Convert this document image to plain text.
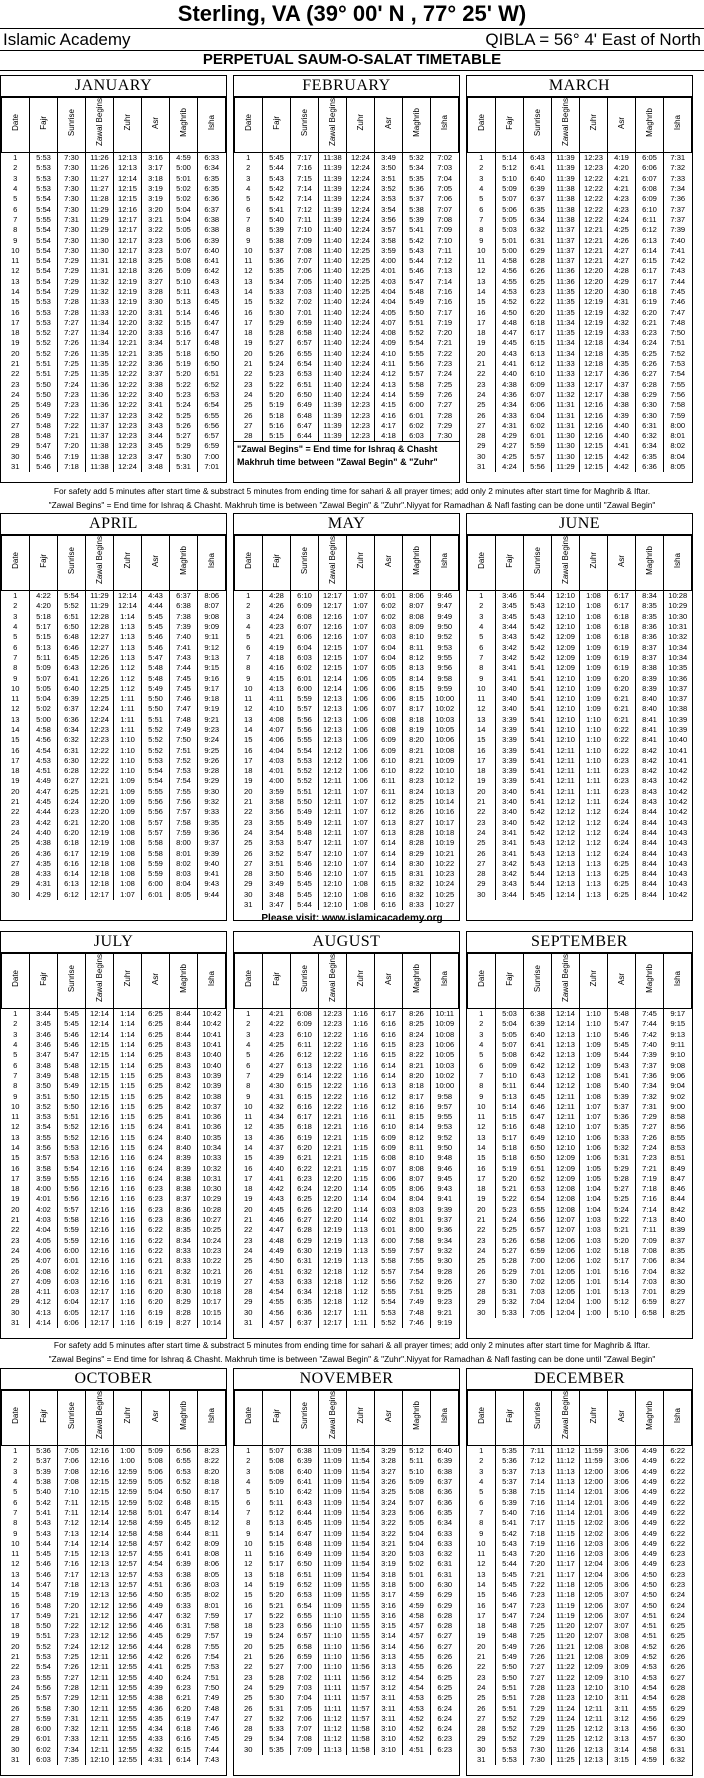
Sterling, VA (39° 00' N , 77° 25' W)
Islamic Academy	QIBLA = 56° 4' East of North
PERPETUAL SAUM-O-SALAT TIMETABLE
JANUARY
Date	Fajr	Sunrise	Zawal Begins	Zuhr	Asr	Maghrib	Isha
1	5:53	7:30	11:26	12:13	3:16	4:59	6:33
2	5:53	7:30	11:26	12:13	3:17	5:00	6:34
3	5:53	7:30	11:27	12:14	3:18	5:01	6:35
4	5:53	7:30	11:27	12:15	3:19	5:02	6:35
5	5:54	7:30	11:28	12:15	3:19	5:02	6:36
6	5:54	7:30	11:29	12:16	3:20	5:04	6:37
7	5:55	7:31	11:29	12:17	3:21	5:04	6:38
8	5:54	7:30	11:29	12:17	3:22	5:05	6:38
9	5:54	7:30	11:30	12:17	3:23	5:06	6:39
10	5:54	7:30	11:30	12:17	3:23	5:07	6:40
11	5:54	7:29	11:31	12:18	3:25	5:08	6:41
12	5:54	7:29	11:31	12:18	3:26	5:09	6:42
13	5:54	7:29	11:32	12:19	3:27	5:10	6:43
14	5:54	7:29	11:32	12:19	3:28	5:11	6:43
15	5:53	7:28	11:33	12:19	3:30	5:13	6:45
16	5:53	7:28	11:33	12:20	3:31	5:14	6:46
17	5:53	7:27	11:34	12:20	3:32	5:15	6:47
18	5:52	7:27	11:34	12:20	3:33	5:16	6:47
19	5:52	7:26	11:34	12:21	3:34	5:17	6:48
20	5:52	7:26	11:35	12:21	3:35	5:18	6:50
21	5:51	7:25	11:35	12:22	3:36	5:19	6:50
22	5:51	7:25	11:35	12:22	3:37	5:20	6:51
23	5:50	7:24	11:36	12:22	3:38	5:22	6:52
24	5:50	7:23	11:36	12:22	3:40	5:23	6:53
25	5:49	7:23	11:36	12:22	3:41	5:24	6:54
26	5:49	7:22	11:37	12:23	3:42	5:25	6:55
27	5:48	7:22	11:37	12:23	3:43	5:26	6:56
28	5:48	7:21	11:37	12:23	3:44	5:27	6:57
29	5:47	7:20	11:38	12:23	3:45	5:29	6:59
30	5:46	7:19	11:38	12:23	3:47	5:30	7:00
31	5:46	7:18	11:38	12:24	3:48	5:31	7:01
FEBRUARY
Date	Fajr	Sunrise	Zawal Begins	Zuhr	Asr	Maghrib	Isha
1	5:45	7:17	11:38	12:24	3:49	5:32	7:02
2	5:44	7:16	11:39	12:24	3:50	5:34	7:03
3	5:43	7:15	11:39	12:24	3:51	5:35	7:04
4	5:42	7:14	11:39	12:24	3:52	5:36	7:05
5	5:42	7:14	11:39	12:24	3:53	5:37	7:06
6	5:41	7:12	11:39	12:24	3:54	5:38	7:07
7	5:40	7:11	11:39	12:24	3:56	5:39	7:08
8	5:39	7:10	11:40	12:24	3:57	5:41	7:09
9	5:38	7:09	11:40	12:24	3:58	5:42	7:10
10	5:37	7:08	11:40	12:25	3:59	5:43	7:11
11	5:36	7:07	11:40	12:25	4:00	5:44	7:12
12	5:35	7:06	11:40	12:25	4:01	5:46	7:13
13	5:34	7:05	11:40	12:25	4:03	5:47	7:14
14	5:33	7:03	11:40	12:25	4:04	5:48	7:16
15	5:32	7:02	11:40	12:24	4:04	5:49	7:16
16	5:30	7:01	11:40	12:24	4:05	5:50	7:17
17	5:29	6:59	11:40	12:24	4:07	5:51	7:19
18	5:28	6:58	11:40	12:24	4:08	5:52	7:20
19	5:27	6:57	11:40	12:24	4:09	5:54	7:21
20	5:26	6:55	11:40	12:24	4:10	5:55	7:22
21	5:24	6:54	11:40	12:24	4:11	5:56	7:23
22	5:23	6:53	11:40	12:24	4:12	5:57	7:24
23	5:22	6:51	11:40	12:24	4:13	5:58	7:25
24	5:20	6:50	11:40	12:24	4:14	5:59	7:26
25	5:19	6:49	11:39	12:23	4:15	6:00	7:27
26	5:18	6:48	11:39	12:23	4:16	6:01	7:28
27	5:16	6:47	11:39	12:23	4:17	6:02	7:29
28	5:15	6:44	11:39	12:23	4:18	6:03	7:30
"Zawal Begins" = End time for Ishraq & Chasht
Makhruh time between "Zawal Begin" & "Zuhr"
MARCH
Date	Fajr	Sunrise	Zawal Begins	Zuhr	Asr	Maghrib	Isha
1	5:14	6:43	11:39	12:23	4:19	6:05	7:31
2	5:12	6:41	11:39	12:23	4:20	6:06	7:32
3	5:10	6:40	11:39	12:22	4:21	6:07	7:33
4	5:09	6:39	11:38	12:22	4:21	6:08	7:34
5	5:07	6:37	11:38	12:22	4:23	6:09	7:36
6	5:06	6:35	11:38	12:22	4:23	6:10	7:37
7	5:05	6:34	11:38	12:22	4:24	6:11	7:37
8	5:03	6:32	11:37	12:21	4:25	6:12	7:39
9	5:01	6:31	11:37	12:21	4:26	6:13	7:40
10	5:00	6:29	11:37	12:21	4:27	6:14	7:41
11	4:58	6:28	11:37	12:21	4:27	6:15	7:42
12	4:56	6:26	11:36	12:20	4:28	6:17	7:43
13	4:55	6:25	11:36	12:20	4:29	6:17	7:44
14	4:53	6:23	11:35	12:20	4:30	6:18	7:45
15	4:52	6:22	11:35	12:19	4:31	6:19	7:46
16	4:50	6:20	11:35	12:19	4:32	6:20	7:47
17	4:48	6:18	11:34	12:19	4:32	6:21	7:48
18	4:47	6:17	11:35	12:19	4:33	6:23	7:50
19	4:45	6:15	11:34	12:18	4:34	6:24	7:51
20	4:43	6:13	11:34	12:18	4:35	6:25	7:52
21	4:41	6:12	11:33	12:18	4:35	6:26	7:53
22	4:40	6:10	11:33	12:17	4:36	6:27	7:54
23	4:38	6:09	11:33	12:17	4:37	6:28	7:55
24	4:36	6:07	11:32	12:17	4:38	6:29	7:56
25	4:34	6:06	11:31	12:16	4:38	6:30	7:58
26	4:33	6:04	11:31	12:16	4:39	6:30	7:59
27	4:31	6:02	11:31	12:16	4:40	6:31	8:00
28	4:29	6:01	11:30	12:16	4:40	6:32	8:01
29	4:27	5:59	11:30	12:15	4:41	6:34	8:02
30	4:25	5:57	11:30	12:15	4:42	6:35	8:04
31	4:24	5:56	11:29	12:15	4:42	6:36	8:05
For safety add 5 minutes after start time & substract 5 minutes from ending time for sahari & all prayer times; add only 2 minutes after start time for Maghrib & Iftar.
"Zawal Begins" = End time for Ishraq & Chasht. Makhruh time is between "Zawal Begin" & "Zuhr".Niyyat for Ramadhan & Nafl fasting can be done until "Zawal Begin"
APRIL
Date	Fajr	Sunrise	Zawal Begins	Zuhr	Asr	Maghrib	Isha
1	4:22	5:54	11:29	12:14	4:43	6:37	8:06
2	4:20	5:52	11:29	12:14	4:44	6:38	8:07
3	5:18	6:51	12:28	1:14	5:45	7:38	9:08
4	5:17	6:50	12:28	1:13	5:45	7:39	9:09
5	5:15	6:48	12:27	1:13	5:46	7:40	9:11
6	5:13	6:46	12:27	1:13	5:46	7:41	9:12
7	5:11	6:45	12:26	1:13	5:47	7:43	9:13
8	5:09	6:43	12:26	1:12	5:48	7:44	9:15
9	5:07	6:41	12:26	1:12	5:48	7:45	9:16
10	5:05	6:40	12:25	1:12	5:49	7:45	9:17
11	5:04	6:39	12:25	1:11	5:50	7:46	9:18
12	5:02	6:37	12:24	1:11	5:50	7:47	9:19
13	5:00	6:36	12:24	1:11	5:51	7:48	9:21
14	4:58	6:34	12:23	1:11	5:52	7:49	9:23
15	4:56	6:32	12:23	1:10	5:52	7:50	9:24
16	4:54	6:31	12:22	1:10	5:52	7:51	9:25
17	4:53	6:30	12:22	1:10	5:53	7:52	9:26
18	4:51	6:28	12:22	1:10	5:54	7:53	9:28
19	4:49	6:27	12:21	1:09	5:54	7:54	9:29
20	4:47	6:25	12:21	1:09	5:55	7:55	9:30
21	4:45	6:24	12:20	1:09	5:56	7:56	9:32
22	4:44	6:23	12:20	1:09	5:56	7:57	9:33
23	4:42	6:21	12:20	1:08	5:57	7:58	9:35
24	4:40	6:20	12:19	1:08	5:57	7:59	9:36
25	4:38	6:18	12:19	1:08	5:58	8:00	9:37
26	4:36	6:17	12:19	1:08	5:58	8:01	9:39
27	4:35	6:16	12:18	1:08	5:59	8:02	9:40
28	4:33	6:14	12:18	1:08	5:59	8:03	9:41
29	4:31	6:13	12:18	1:08	6:00	8:04	9:43
30	4:29	6:12	12:17	1:07	6:01	8:05	9:44
MAY
Date	Fajr	Sunrise	Zawal Begins	Zuhr	Asr	Maghrib	Isha
1	4:28	6:10	12:17	1:07	6:01	8:06	9:46
2	4:26	6:09	12:17	1:07	6:02	8:07	9:47
3	4:24	6:08	12:16	1:07	6:02	8:08	9:49
4	4:23	6:07	12:16	1:07	6:03	8:09	9:50
5	4:21	6:06	12:16	1:07	6:03	8:10	9:52
6	4:19	6:04	12:15	1:07	6:04	8:11	9:53
7	4:18	6:03	12:15	1:07	6:04	8:12	9:55
8	4:16	6:02	12:15	1:07	6:05	8:13	9:56
9	4:15	6:01	12:14	1:06	6:05	8:14	9:58
10	4:13	6:00	12:14	1:06	6:06	8:15	9:59
11	4:11	5:59	12:13	1:06	6:06	8:15	10:00
12	4:10	5:57	12:13	1:06	6:07	8:17	10:02
13	4:08	5:56	12:13	1:06	6:08	8:18	10:03
14	4:07	5:56	12:13	1:06	6:08	8:19	10:05
15	4:06	5:55	12:13	1:06	6:09	8:20	10:06
16	4:04	5:54	12:12	1:06	6:09	8:21	10:08
17	4:03	5:53	12:12	1:06	6:10	8:21	10:09
18	4:01	5:52	12:12	1:06	6:10	8:22	10:10
19	4:00	5:52	12:11	1:06	6:11	8:23	10:12
20	3:59	5:51	12:11	1:07	6:11	8:24	10:13
21	3:58	5:50	12:11	1:07	6:12	8:25	10:14
22	3:56	5:49	12:11	1:07	6:12	8:26	10:16
23	3:55	5:49	12:11	1:07	6:13	8:27	10:17
24	3:54	5:48	12:11	1:07	6:13	8:28	10:18
25	3:53	5:47	12:11	1:07	6:14	8:28	10:19
26	3:52	5:47	12:10	1:07	6:14	8:29	10:21
27	3:51	5:46	12:10	1:07	6:14	8:30	10:22
28	3:50	5:46	12:10	1:07	6:15	8:31	10:23
29	3:49	5:45	12:10	1:08	6:15	8:32	10:24
30	3:48	5:45	12:10	1:08	6:16	8:32	10:25
31	3:47	5:44	12:10	1:08	6:16	8:33	10:27
JUNE
Date	Fajr	Sunrise	Zawal Begins	Zuhr	Asr	Maghrib	Isha
1	3:46	5:44	12:10	1:08	6:17	8:34	10:28
2	3:45	5:43	12:10	1:08	6:17	8:35	10:29
3	3:45	5:43	12:10	1:08	6:18	8:35	10:30
4	3:44	5:42	12:10	1:08	6:18	8:36	10:31
5	3:43	5:42	12:09	1:08	6:18	8:36	10:32
6	3:42	5:42	12:09	1:09	6:19	8:37	10:34
7	3:42	5:42	12:09	1:09	6:19	8:37	10:34
8	3:41	5:41	12:09	1:09	6:19	8:38	10:35
9	3:41	5:41	12:10	1:09	6:20	8:39	10:36
10	3:40	5:41	12:10	1:09	6:20	8:39	10:37
11	3:40	5:41	12:10	1:09	6:21	8:40	10:37
12	3:40	5:41	12:10	1:09	6:21	8:40	10:38
13	3:39	5:41	12:10	1:10	6:21	8:41	10:39
14	3:39	5:41	12:10	1:10	6:22	8:41	10:39
15	3:39	5:41	12:10	1:10	6:22	8:41	10:40
16	3:39	5:41	12:11	1:10	6:22	8:42	10:41
17	3:39	5:41	12:11	1:10	6:23	8:42	10:41
18	3:39	5:41	12:11	1:11	6:23	8:42	10:42
19	3:39	5:41	12:11	1:11	6:23	8:43	10:42
20	3:40	5:41	12:11	1:11	6:23	8:43	10:42
21	3:40	5:41	12:12	1:11	6:24	8:43	10:42
22	3:40	5:42	12:12	1:12	6:24	8:44	10:42
23	3:40	5:42	12:12	1:12	6:24	8:44	10:43
24	3:41	5:42	12:12	1:12	6:24	8:44	10:43
25	3:41	5:43	12:12	1:12	6:24	8:44	10:43
26	3:41	5:43	12:13	1:12	6:24	8:44	10:43
27	3:42	5:43	12:13	1:13	6:25	8:44	10:43
28	3:42	5:44	12:13	1:13	6:25	8:44	10:43
29	3:43	5:44	12:13	1:13	6:25	8:44	10:43
30	3:44	5:45	12:14	1:13	6:25	8:44	10:42
Please visit: www.islamicacademy.org
JULY
Date	Fajr	Sunrise	Zawal Begins	Zuhr	Asr	Maghrib	Isha
1	3:44	5:45	12:14	1:14	6:25	8:44	10:42
2	3:45	5:45	12:14	1:14	6:25	8:44	10:42
3	3:46	5:46	12:14	1:14	6:25	8:44	10:41
4	3:46	5:46	12:15	1:14	6:25	8:43	10:41
5	3:47	5:47	12:15	1:14	6:25	8:43	10:40
6	3:48	5:48	12:15	1:14	6:25	8:43	10:40
7	3:49	5:48	12:15	1:15	6:25	8:43	10:39
8	3:50	5:49	12:15	1:15	6:25	8:42	10:39
9	3:51	5:50	12:15	1:15	6:25	8:42	10:38
10	3:52	5:50	12:16	1:15	6:25	8:42	10:37
11	3:53	5:51	12:16	1:15	6:25	8:41	10:36
12	3:54	5:52	12:16	1:15	6:24	8:41	10:36
13	3:55	5:52	12:16	1:15	6:24	8:40	10:35
14	3:56	5:53	12:16	1:15	6:24	8:40	10:34
15	3:57	5:53	12:16	1:16	6:24	8:39	10:33
16	3:58	5:54	12:16	1:16	6:24	8:39	10:32
17	3:59	5:55	12:16	1:16	6:24	8:38	10:31
18	4:00	5:56	12:16	1:16	6:23	8:38	10:30
19	4:01	5:56	12:16	1:16	6:23	8:37	10:29
20	4:02	5:57	12:16	1:16	6:23	8:36	10:28
21	4:03	5:58	12:16	1:16	6:23	8:36	10:27
22	4:04	5:59	12:16	1:16	6:22	8:35	10:25
23	4:05	5:59	12:16	1:16	6:22	8:34	10:24
24	4:06	6:00	12:16	1:16	6:22	8:33	10:23
25	4:07	6:01	12:16	1:16	6:21	8:33	10:22
26	4:08	6:02	12:16	1:16	6:21	8:32	10:21
27	4:09	6:03	12:16	1:16	6:21	8:31	10:19
28	4:11	6:03	12:17	1:16	6:20	8:30	10:18
29	4:12	6:04	12:17	1:16	6:20	8:29	10:17
30	4:13	6:05	12:17	1:16	6:19	8:28	10:15
31	4:14	6:06	12:17	1:16	6:19	8:27	10:14
AUGUST
Date	Fajr	Sunrise	Zawal Begins	Zuhr	Asr	Maghrib	Isha
1	4:21	6:08	12:23	1:16	6:17	8:26	10:11
2	4:22	6:09	12:23	1:16	6:16	8:25	10:09
3	4:23	6:10	12:22	1:16	6:16	8:24	10:08
4	4:25	6:11	12:22	1:16	6:15	8:23	10:06
5	4:26	6:12	12:22	1:16	6:15	8:22	10:05
6	4:27	6:13	12:22	1:16	6:14	8:21	10:03
7	4:29	6:14	12:22	1:16	6:14	8:20	10:02
8	4:30	6:15	12:22	1:16	6:13	8:18	10:00
9	4:31	6:15	12:22	1:16	6:12	8:17	9:58
10	4:32	6:16	12:22	1:16	6:12	8:16	9:57
11	4:34	6:17	12:21	1:16	6:11	8:15	9:55
12	4:35	6:18	12:21	1:16	6:10	8:14	9:53
13	4:36	6:19	12:21	1:15	6:09	8:12	9:52
14	4:37	6:20	12:21	1:15	6:09	8:11	9:50
15	4:39	6:21	12:21	1:15	6:08	8:10	9:48
16	4:40	6:22	12:21	1:15	6:07	8:08	9:46
17	4:41	6:23	12:20	1:15	6:06	8:07	9:45
18	4:42	6:24	12:20	1:14	6:05	8:06	9:43
19	4:43	6:25	12:20	1:14	6:04	8:04	9:41
20	4:45	6:26	12:20	1:14	6:03	8:03	9:39
21	4:46	6:27	12:20	1:14	6:02	8:01	9:37
22	4:47	6:28	12:19	1:13	6:01	8:00	9:36
23	4:48	6:29	12:19	1:13	6:00	7:58	9:34
24	4:49	6:30	12:19	1:13	5:59	7:57	9:32
25	4:50	6:31	12:19	1:13	5:58	7:55	9:30
26	4:51	6:32	12:18	1:12	5:57	7:54	9:28
27	4:53	6:33	12:18	1:12	5:56	7:52	9:26
28	4:54	6:34	12:18	1:12	5:55	7:51	9:25
29	4:55	6:35	12:18	1:12	5:54	7:49	9:23
30	4:56	6:36	12:17	1:11	5:53	7:48	9:21
31	4:57	6:37	12:17	1:11	5:52	7:46	9:19
SEPTEMBER
Date	Fajr	Sunrise	Zawal Begins	Zuhr	Asr	Maghrib	Isha
1	5:03	6:38	12:14	1:10	5:48	7:45	9:17
2	5:04	6:39	12:14	1:10	5:47	7:44	9:15
3	5:05	6:40	12:13	1:10	5:46	7:42	9:13
4	5:07	6:41	12:13	1:09	5:45	7:40	9:11
5	5:08	6:42	12:13	1:09	5:44	7:39	9:10
6	5:09	6:42	12:12	1:09	5:43	7:37	9:08
7	5:10	6:43	12:12	1:08	5:41	7:36	9:06
8	5:11	6:44	12:12	1:08	5:40	7:34	9:04
9	5:13	6:45	12:11	1:08	5:39	7:32	9:02
10	5:14	6:46	12:11	1:07	5:37	7:31	9:00
11	5:15	6:47	12:11	1:07	5:36	7:29	8:58
12	5:16	6:48	12:10	1:07	5:35	7:27	8:56
13	5:17	6:49	12:10	1:06	5:33	7:26	8:55
14	5:18	6:50	12:10	1:06	5:32	7:24	8:53
15	5:18	6:50	12:09	1:06	5:31	7:23	8:51
16	5:19	6:51	12:09	1:05	5:29	7:21	8:49
17	5:20	6:52	12:09	1:05	5:28	7:19	8:47
18	5:21	6:53	12:08	1:04	5:27	7:18	8:46
19	5:22	6:54	12:08	1:04	5:25	7:16	8:44
20	5:23	6:55	12:08	1:04	5:24	7:14	8:42
21	5:24	6:56	12:07	1:03	5:22	7:13	8:40
22	5:25	6:57	12:07	1:03	5:21	7:11	8:39
23	5:26	6:58	12:06	1:03	5:20	7:09	8:37
24	5:27	6:59	12:06	1:02	5:18	7:08	8:35
25	5:28	7:00	12:06	1:02	5:17	7:06	8:34
26	5:29	7:01	12:05	1:01	5:16	7:04	8:32
27	5:30	7:02	12:05	1:01	5:14	7:03	8:30
28	5:31	7:03	12:05	1:01	5:13	7:01	8:29
29	5:32	7:04	12:04	1:00	5:12	6:59	8:27
30	5:33	7:05	12:04	1:00	5:10	6:58	8:25
For safety add 5 minutes after start time & substract 5 minutes from ending time for sahari & all prayer times; add only 2 minutes after start time for Maghrib & Iftar.
"Zawal Begins" = End time for Ishraq & Chasht. Makhruh time is between "Zawal Begin" & "Zuhr".Niyyat for Ramadhan & Nafl fasting can be done until "Zawal Begin"
OCTOBER
Date	Fajr	Sunrise	Zawal Begins	Zuhr	Asr	Maghrib	Isha
1	5:36	7:05	12:16	1:00	5:09	6:56	8:23
2	5:37	7:06	12:16	1:00	5:08	6:55	8:22
3	5:39	7:08	12:16	12:59	5:06	6:53	8:20
4	5:38	7:08	12:15	12:59	5:05	6:52	8:18
5	5:40	7:10	12:15	12:59	5:04	6:50	8:17
6	5:42	7:11	12:15	12:59	5:02	6:48	8:15
7	5:41	7:11	12:14	12:58	5:01	6:47	8:14
8	5:43	7:12	12:14	12:58	4:59	6:45	8:12
9	5:43	7:13	12:14	12:58	4:58	6:44	8:11
10	5:44	7:14	12:14	12:58	4:57	6:42	8:09
11	5:45	7:15	12:13	12:57	4:55	6:41	8:08
12	5:46	7:16	12:13	12:57	4:54	6:39	8:06
13	5:46	7:17	12:13	12:57	4:53	6:38	8:05
14	5:47	7:18	12:13	12:57	4:51	6:36	8:03
15	5:48	7:19	12:13	12:56	4:50	6:35	8:02
16	5:48	7:20	12:12	12:56	4:49	6:33	8:01
17	5:49	7:21	12:12	12:56	4:47	6:32	7:59
18	5:50	7:22	12:12	12:56	4:46	6:31	7:58
19	5:51	7:23	12:12	12:56	4:45	6:29	7:57
20	5:52	7:24	12:12	12:56	4:44	6:28	7:55
21	5:53	7:25	12:11	12:56	4:42	6:26	7:54
22	5:54	7:26	12:11	12:55	4:41	6:25	7:53
23	5:55	7:27	12:11	12:55	4:40	6:24	7:51
24	5:56	7:28	12:11	12:55	4:39	6:23	7:50
25	5:57	7:29	12:11	12:55	4:38	6:21	7:49
26	5:58	7:30	12:11	12:55	4:36	6:20	7:48
27	5:59	7:31	12:11	12:55	4:35	6:19	7:47
28	6:00	7:32	12:11	12:55	4:34	6:18	7:46
29	6:01	7:33	12:11	12:55	4:33	6:16	7:45
30	6:02	7:34	12:11	12:55	4:32	6:15	7:44
31	6:03	7:35	12:10	12:55	4:31	6:14	7:43
NOVEMBER
Date	Fajr	Sunrise	Zawal Begins	Zuhr	Asr	Maghrib	Isha
1	5:07	6:38	11:09	11:54	3:29	5:12	6:40
2	5:08	6:39	11:09	11:54	3:28	5:11	6:39
3	5:08	6:40	11:09	11:54	3:27	5:10	6:38
4	5:09	6:41	11:09	11:54	3:26	5:09	6:37
5	5:10	6:42	11:09	11:54	3:25	5:08	6:36
6	5:11	6:43	11:09	11:54	3:24	5:07	6:36
7	5:12	6:44	11:09	11:54	3:23	5:06	6:35
8	5:13	6:45	11:09	11:54	3:22	5:05	6:34
9	5:14	6:47	11:09	11:54	3:22	5:04	6:33
10	5:15	6:48	11:09	11:54	3:21	5:04	6:33
11	5:16	6:49	11:09	11:54	3:20	5:03	6:32
12	5:17	6:50	11:09	11:54	3:19	5:02	6:31
13	5:18	6:51	11:09	11:54	3:18	5:01	6:31
14	5:19	6:52	11:09	11:55	3:18	5:00	6:30
15	5:20	6:53	11:09	11:55	3:17	4:59	6:29
16	5:21	6:54	11:09	11:55	3:16	4:59	6:29
17	5:22	6:55	11:10	11:55	3:16	4:58	6:28
18	5:23	6:56	11:10	11:55	3:15	4:57	6:28
19	5:24	6:57	11:10	11:55	3:14	4:57	6:27
20	5:25	6:58	11:10	11:56	3:14	4:56	6:27
21	5:26	6:59	11:10	11:56	3:13	4:55	6:26
22	5:27	7:00	11:10	11:56	3:13	4:55	6:26
23	5:28	7:02	11:11	11:56	3:12	4:54	6:25
24	5:29	7:03	11:11	11:57	3:12	4:54	6:25
25	5:30	7:04	11:11	11:57	3:11	4:53	6:25
26	5:31	7:05	11:11	11:57	3:11	4:53	6:24
27	5:32	7:06	11:12	11:57	3:11	4:52	6:24
28	5:33	7:07	11:12	11:58	3:10	4:52	6:24
29	5:34	7:08	11:12	11:58	3:10	4:52	6:23
30	5:35	7:09	11:13	11:58	3:10	4:51	6:23
DECEMBER
Date	Fajr	Sunrise	Zawal Begins	Zuhr	Asr	Maghrib	Isha
1	5:35	7:11	11:12	11:59	3:06	4:49	6:22
2	5:36	7:12	11:12	11:59	3:06	4:49	6:22
3	5:37	7:13	11:13	12:00	3:06	4:49	6:22
4	5:37	7:14	11:13	12:00	3:06	4:49	6:22
5	5:38	7:15	11:14	12:01	3:06	4:49	6:22
6	5:39	7:16	11:14	12:01	3:06	4:49	6:22
7	5:40	7:16	11:14	12:01	3:06	4:49	6:22
8	5:41	7:17	11:15	12:02	3:06	4:49	6:22
9	5:42	7:18	11:15	12:02	3:06	4:49	6:22
10	5:43	7:19	11:16	12:03	3:06	4:49	6:22
11	5:43	7:20	11:16	12:03	3:06	4:49	6:23
12	5:44	7:20	11:17	12:04	3:06	4:49	6:23
13	5:45	7:21	11:17	12:04	3:06	4:50	6:23
14	5:45	7:22	11:18	12:05	3:06	4:50	6:23
15	5:46	7:23	11:18	12:05	3:07	4:50	6:24
16	5:47	7:23	11:19	12:06	3:07	4:50	6:24
17	5:47	7:24	11:19	12:06	3:07	4:51	6:24
18	5:48	7:25	11:20	12:07	3:07	4:51	6:25
19	5:48	7:25	11:20	12:07	3:08	4:51	6:25
20	5:49	7:26	11:21	12:08	3:08	4:52	6:26
21	5:49	7:26	11:21	12:08	3:09	4:52	6:26
22	5:50	7:27	11:22	12:09	3:09	4:53	6:26
23	5:50	7:27	11:22	12:09	3:10	4:53	6:27
24	5:51	7:28	11:23	12:10	3:10	4:54	6:28
25	5:51	7:28	11:23	12:10	3:11	4:54	6:28
26	5:51	7:29	11:24	12:11	3:11	4:55	6:29
27	5:52	7:29	11:24	12:11	3:12	4:56	6:29
28	5:52	7:29	11:25	12:12	3:13	4:56	6:30
29	5:52	7:29	11:25	12:12	3:13	4:57	6:30
30	5:53	7:30	11:26	12:13	3:14	4:58	6:31
31	5:53	7:30	11:25	12:13	3:15	4:59	6:32
